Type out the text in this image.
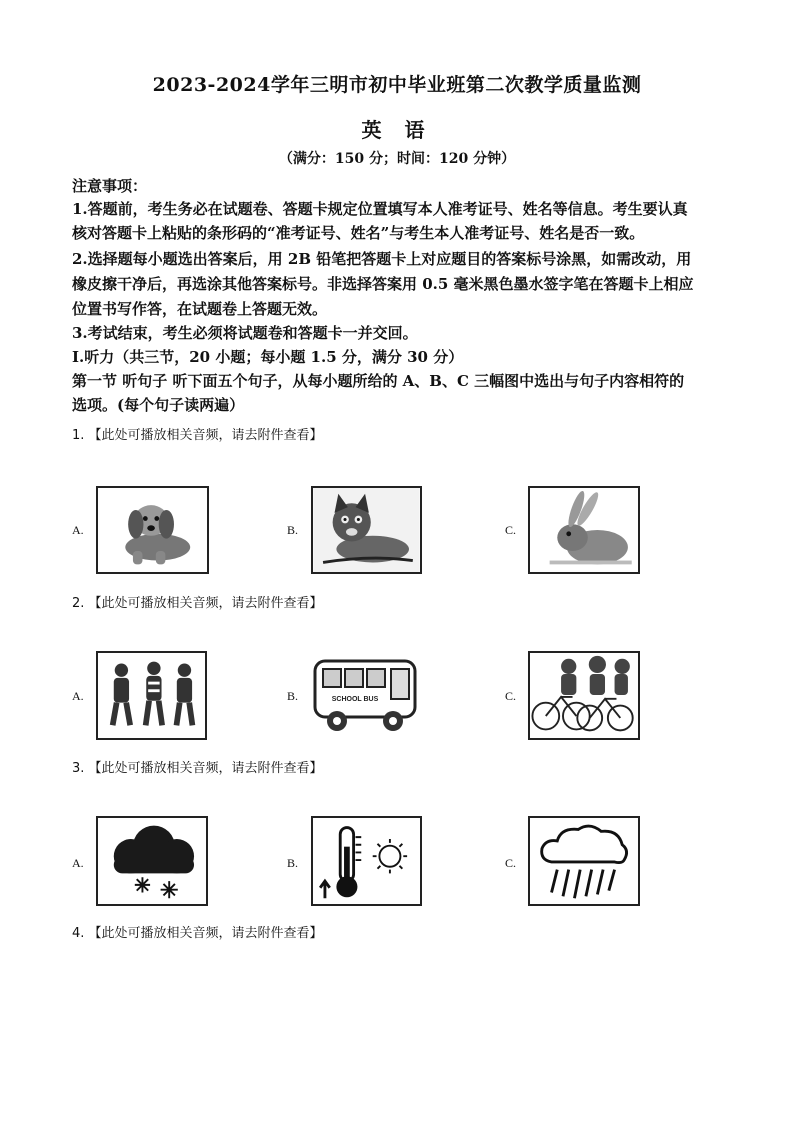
2023-2024学年三明市初中毕业班第二次教学质量监测
英 语
（满分：150 分；时间：120 分钟）
注意事项：
1.答题前，考生务必在试题卷、答题卡规定位置填写本人准考证号、姓名等信息。考生要认真
核对答题卡上粘贴的条形码的“准考证号、姓名”与考生本人准考证号、姓名是否一致。
2.选择题每小题选出答案后，用 2B 铅笔把答题卡上对应题目的答案标号涂黑，如需改动，用
橡皮擦干净后，再选涂其他答案标号。非选择答案用 0.5 毫米黑色墨水签字笔在答题卡上相应
位置书写作答，在试题卷上答题无效。
3.考试结束，考生必须将试题卷和答题卡一并交回。
Ⅰ.听力（共三节，20 小题；每小题 1.5 分，满分 30 分）
第一节 听句子 听下面五个句子，从每小题所给的 A、B、C 三幅图中选出与句子内容相符的
选项。(每个句子读两遍）
1. 【此处可播放相关音频，请去附件查看】
A.	B.	C.
2. 【此处可播放相关音频，请去附件查看】
A.	B.	SCHOOL BUS	C.
3. 【此处可播放相关音频，请去附件查看】
A.	B.	C.
4. 【此处可播放相关音频，请去附件查看】
